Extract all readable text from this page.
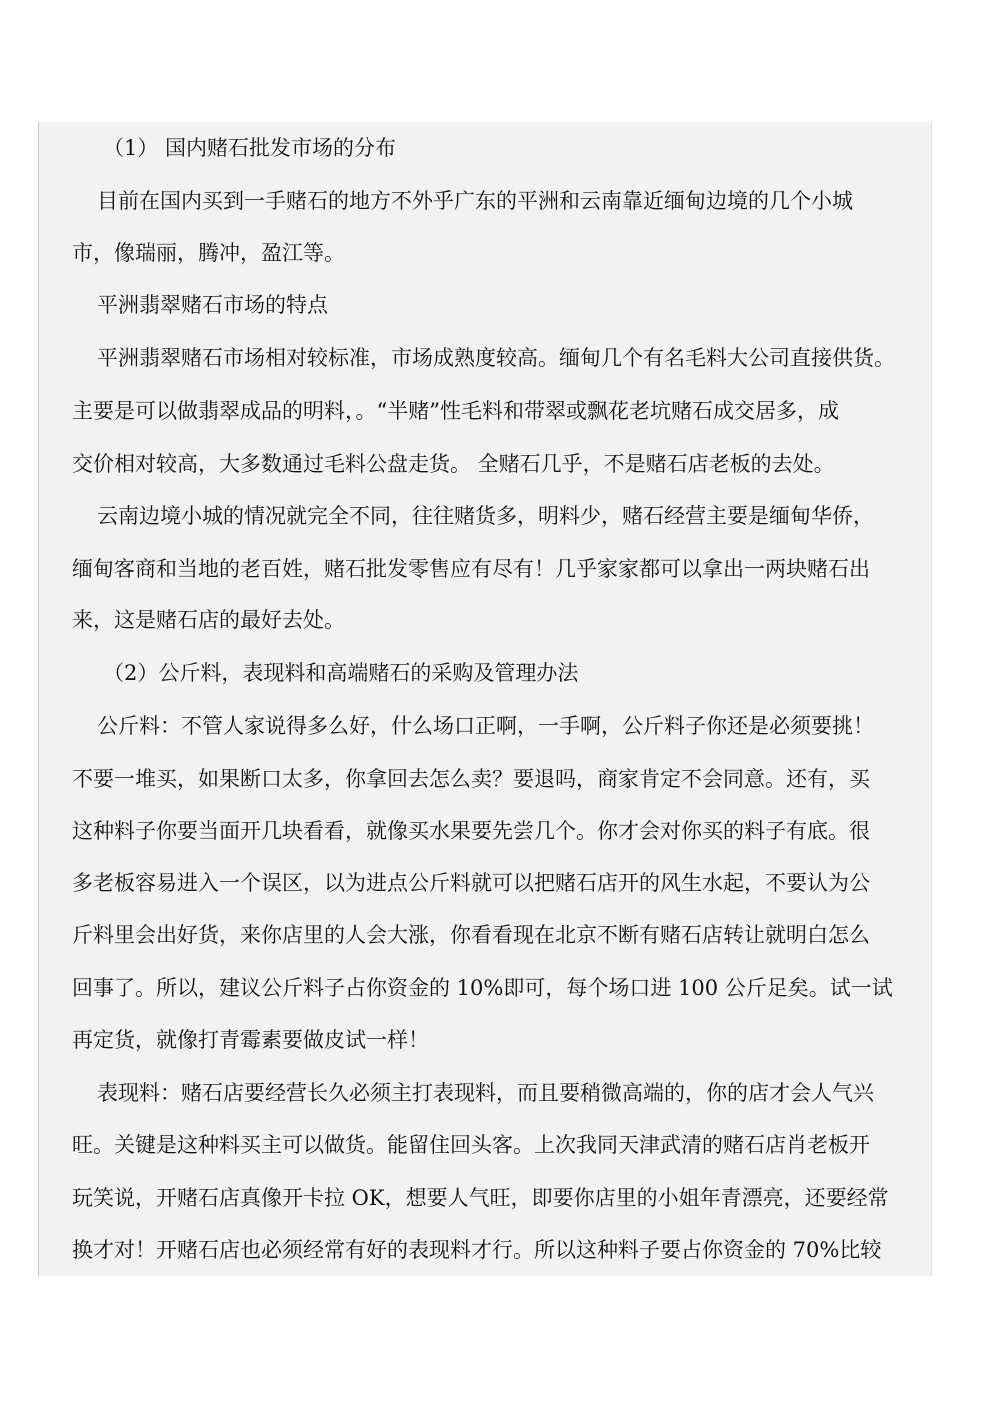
（1） 国内赌石批发市场的分布

目前在国内买到一手赌石的地方不外乎广东的平洲和云南靠近缅甸边境的几个小城

市，像瑞丽，腾冲，盈江等。

平洲翡翠赌石市场的特点

平洲翡翠赌石市场相对较标准，市场成熟度较高。缅甸几个有名毛料大公司直接供货。

主要是可以做翡翠成品的明料，。“半赌”性毛料和带翠或飘花老坑赌石成交居多，成

交价相对较高，大多数通过毛料公盘走货。 全赌石几乎，不是赌石店老板的去处。

云南边境小城的情况就完全不同，往往赌货多，明料少，赌石经营主要是缅甸华侨，

缅甸客商和当地的老百姓，赌石批发零售应有尽有！几乎家家都可以拿出一两块赌石出

来，这是赌石店的最好去处。

（2）公斤料，表现料和高端赌石的采购及管理办法

公斤料：不管人家说得多么好，什么场口正啊，一手啊，公斤料子你还是必须要挑！

不要一堆买，如果断口太多，你拿回去怎么卖？要退吗，商家肯定不会同意。还有，买

这种料子你要当面开几块看看，就像买水果要先尝几个。你才会对你买的料子有底。很

多老板容易进入一个误区，以为进点公斤料就可以把赌石店开的风生水起，不要认为公

斤料里会出好货，来你店里的人会大涨，你看看现在北京不断有赌石店转让就明白怎么

回事了。所以，建议公斤料子占你资金的 10%即可，每个场口进 100 公斤足矣。试一试

再定货，就像打青霉素要做皮试一样！

表现料：赌石店要经营长久必须主打表现料，而且要稍微高端的，你的店才会人气兴

旺。关键是这种料买主可以做货。能留住回头客。上次我同天津武清的赌石店肖老板开

玩笑说，开赌石店真像开卡拉 OK，想要人气旺，即要你店里的小姐年青漂亮，还要经常

换才对！开赌石店也必须经常有好的表现料才行。所以这种料子要占你资金的 70%比较
